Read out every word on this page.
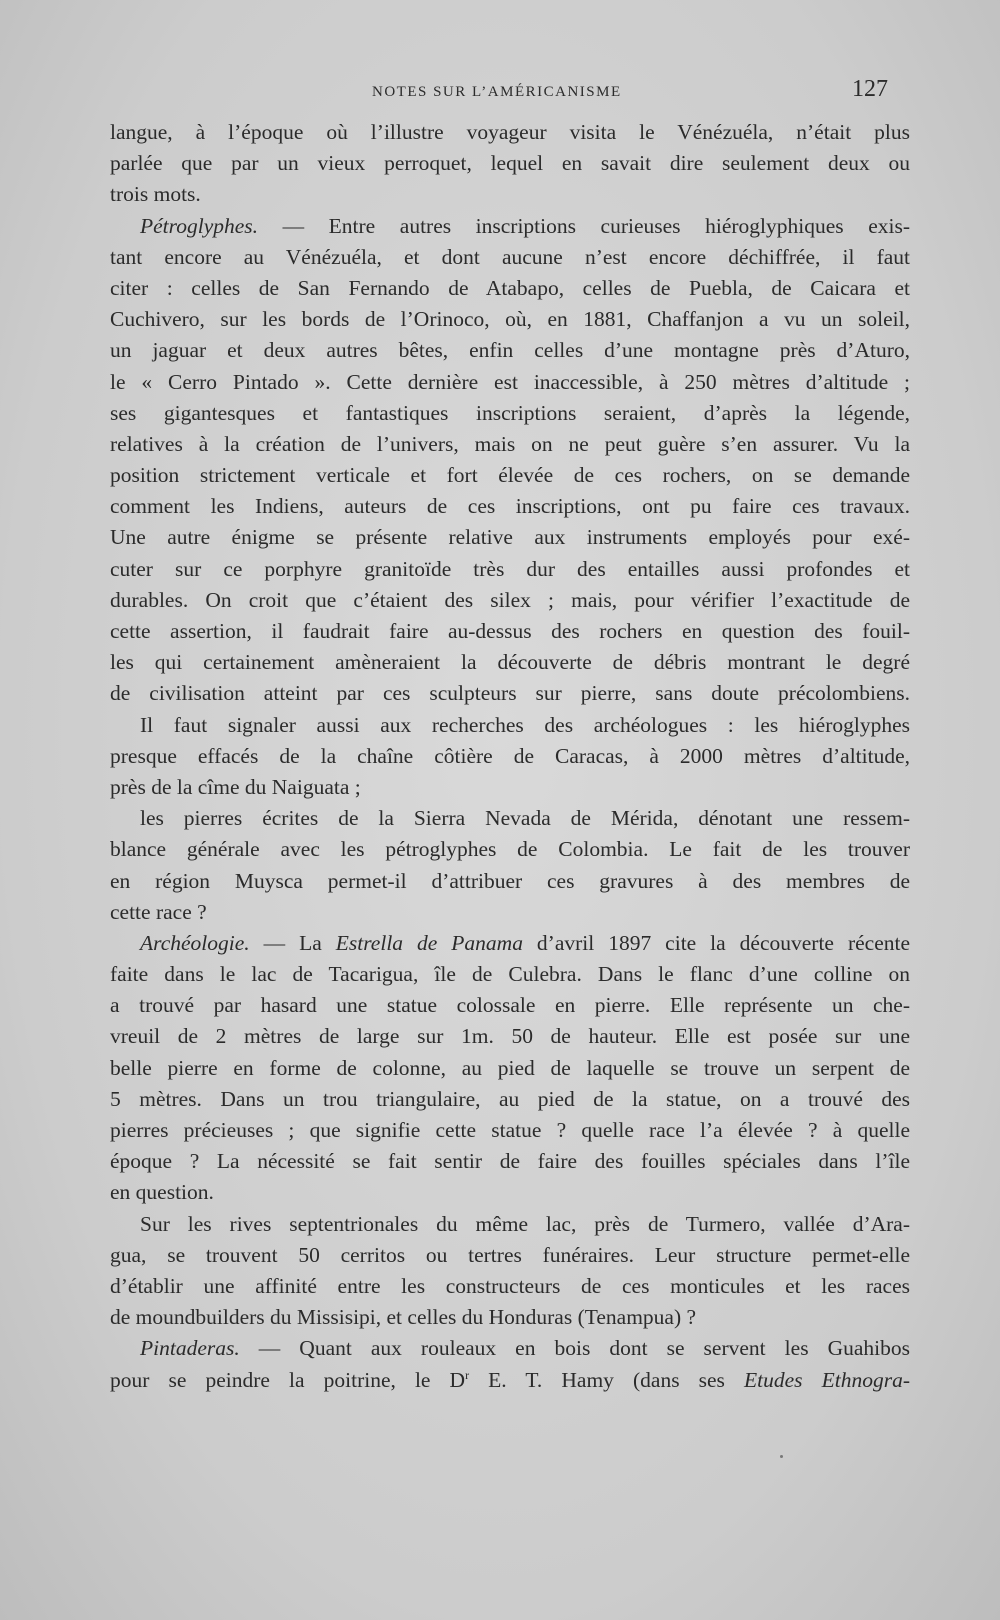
NOTES SUR L’AMÉRICANISME	127
langue, à l’époque où l’illustre voyageur visita le Vénézuéla, n’était plus
parlée que par un vieux perroquet, lequel en savait dire seulement deux ou
trois mots.
Pétroglyphes. — Entre autres inscriptions curieuses hiéroglyphiques exis-
tant encore au Vénézuéla, et dont aucune n’est encore déchiffrée, il faut
citer : celles de San Fernando de Atabapo, celles de Puebla, de Caicara et
Cuchivero, sur les bords de l’Orinoco, où, en 1881, Chaffanjon a vu un soleil,
un jaguar et deux autres bêtes, enfin celles d’une montagne près d’Aturo,
le « Cerro Pintado ». Cette dernière est inaccessible, à 250 mètres d’altitude ;
ses gigantesques et fantastiques inscriptions seraient, d’après la légende,
relatives à la création de l’univers, mais on ne peut guère s’en assurer. Vu la
position strictement verticale et fort élevée de ces rochers, on se demande
comment les Indiens, auteurs de ces inscriptions, ont pu faire ces travaux.
Une autre énigme se présente relative aux instruments employés pour exé-
cuter sur ce porphyre granitoïde très dur des entailles aussi profondes et
durables. On croit que c’étaient des silex ; mais, pour vérifier l’exactitude de
cette assertion, il faudrait faire au-dessus des rochers en question des fouil-
les qui certainement amèneraient la découverte de débris montrant le degré
de civilisation atteint par ces sculpteurs sur pierre, sans doute précolombiens.
Il faut signaler aussi aux recherches des archéologues : les hiéroglyphes
presque effacés de la chaîne côtière de Caracas, à 2000 mètres d’altitude,
près de la cîme du Naiguata ;
les pierres écrites de la Sierra Nevada de Mérida, dénotant une ressem-
blance générale avec les pétroglyphes de Colombia. Le fait de les trouver
en région Muysca permet-il d’attribuer ces gravures à des membres de
cette race ?
Archéologie. — La Estrella de Panama d’avril 1897 cite la découverte récente
faite dans le lac de Tacarigua, île de Culebra. Dans le flanc d’une colline on
a trouvé par hasard une statue colossale en pierre. Elle représente un che-
vreuil de 2 mètres de large sur 1m. 50 de hauteur. Elle est posée sur une
belle pierre en forme de colonne, au pied de laquelle se trouve un serpent de
5 mètres. Dans un trou triangulaire, au pied de la statue, on a trouvé des
pierres précieuses ; que signifie cette statue ? quelle race l’a élevée ? à quelle
époque ? La nécessité se fait sentir de faire des fouilles spéciales dans l’île
en question.
Sur les rives septentrionales du même lac, près de Turmero, vallée d’Ara-
gua, se trouvent 50 cerritos ou tertres funéraires. Leur structure permet-elle
d’établir une affinité entre les constructeurs de ces monticules et les races
de moundbuilders du Missisipi, et celles du Honduras (Tenampua) ?
Pintaderas. — Quant aux rouleaux en bois dont se servent les Guahibos
pour se peindre la poitrine, le $D^r$ E. T. Hamy (dans ses Etudes Ethnogra-
